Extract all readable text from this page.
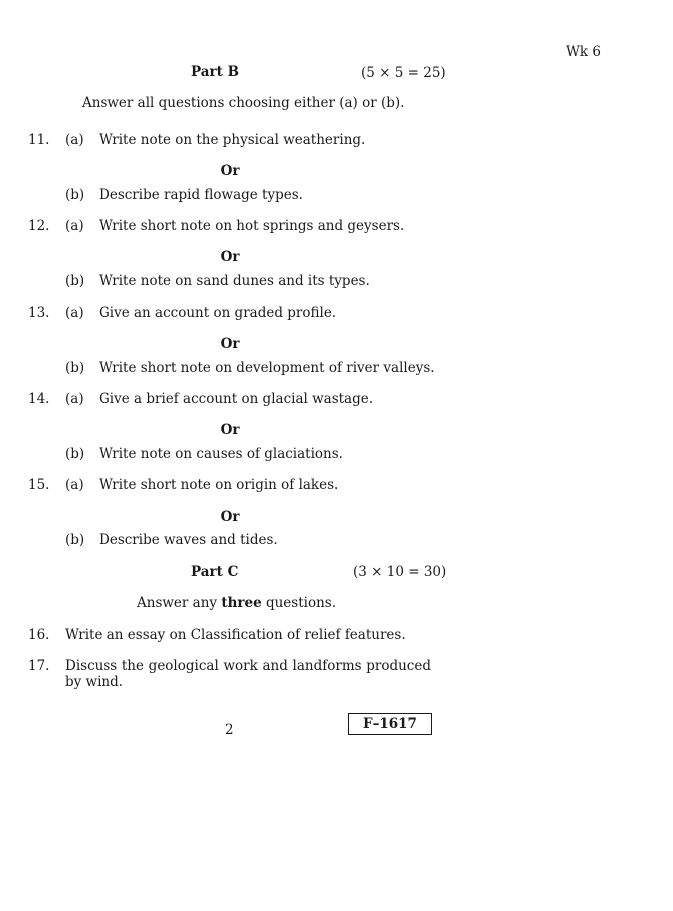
Wk 6
Part B	(5 × 5 = 25)
Answer all questions choosing either (a) or (b).
11. (a) Write note on the physical weathering.
Or
(b) Describe rapid flowage types.
12. (a) Write short note on hot springs and geysers.
Or
(b) Write note on sand dunes and its types.
13. (a) Give an account on graded profile.
Or
(b) Write short note on development of river valleys.
14. (a) Give a brief account on glacial wastage.
Or
(b) Write note on causes of glaciations.
15. (a) Write short note on origin of lakes.
Or
(b) Describe waves and tides.
Part C	(3 × 10 = 30)
Answer any three questions.
16. Write an essay on Classification of relief features.
17. Discuss the geological work and landforms produced by wind.
2	F–1617
